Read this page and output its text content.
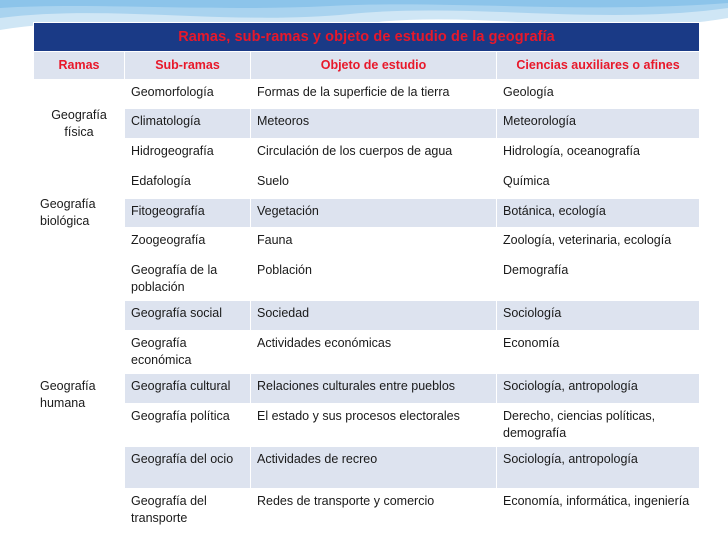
Ramas, sub-ramas y objeto de estudio de la geografía			
Ramas	Sub-ramas	Objeto de estudio	Ciencias auxiliares o afines
Geografía física	Geomorfología	Formas de la superficie de la tierra	Geología
	Climatología	Meteoros	Meteorología
	Hidrogeografía	Circulación de los cuerpos de agua	Hidrología, oceanografía
Geografía biológica	Edafología	Suelo	Química
	Fitogeografía	Vegetación	Botánica, ecología
	Zoogeografía	Fauna	Zoología, veterinaria, ecología
Geografía humana	Geografía de la población	Población	Demografía
	Geografía social	Sociedad	Sociología
	Geografía económica	Actividades económicas	Economía
	Geografía cultural	Relaciones culturales entre pueblos	Sociología, antropología
	Geografía política	El estado y sus procesos electorales	Derecho, ciencias políticas, demografía
	Geografía del ocio	Actividades de recreo	Sociología, antropología
	Geografía del transporte	Redes de transporte y comercio	Economía, informática, ingeniería
